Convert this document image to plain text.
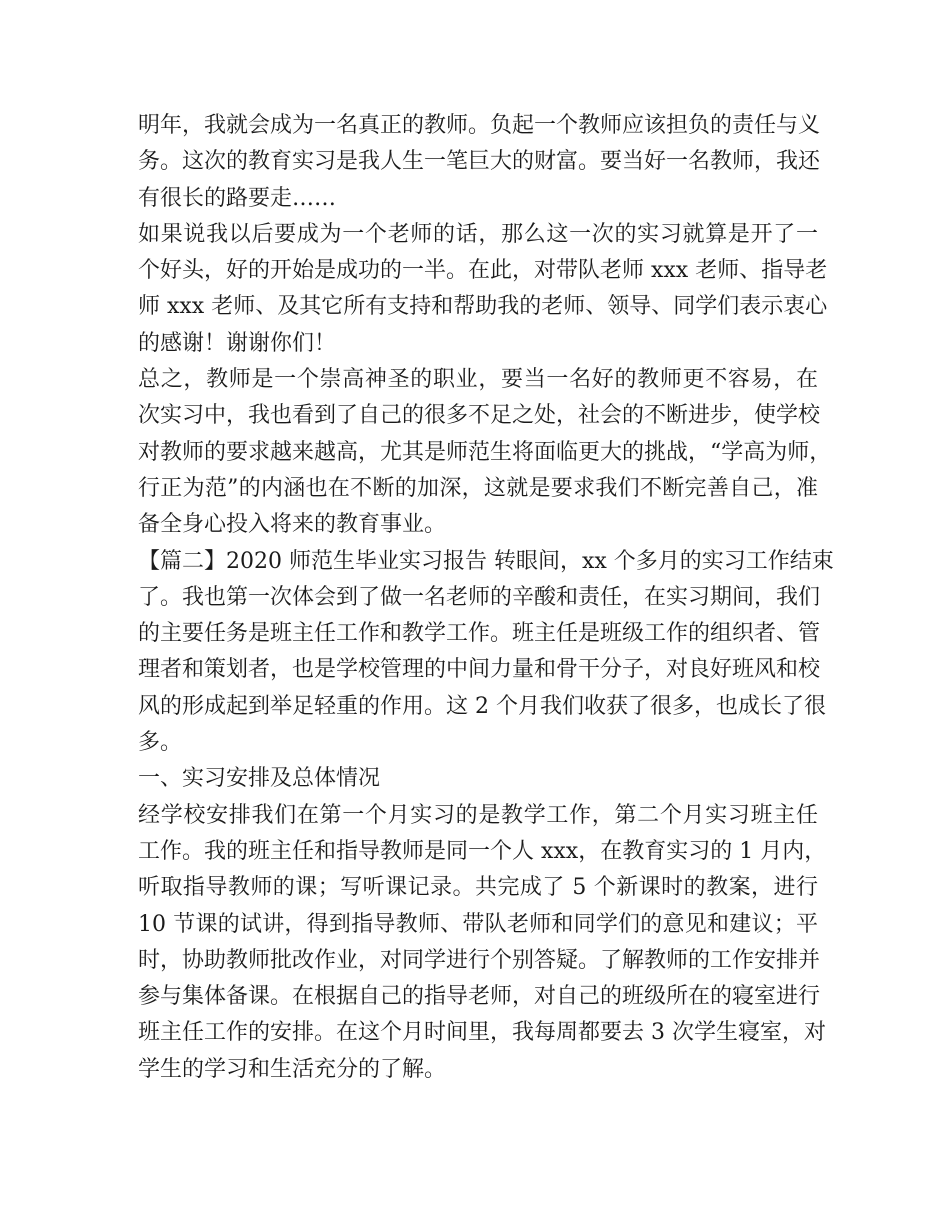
明年，我就会成为一名真正的教师。负起一个教师应该担负的责任与义
务。这次的教育实习是我人生一笔巨大的财富。要当好一名教师，我还
有很长的路要走……
如果说我以后要成为一个老师的话，那么这一次的实习就算是开了一
个好头，好的开始是成功的一半。在此，对带队老师 xxx 老师、指导老
师 xxx 老师、及其它所有支持和帮助我的老师、领导、同学们表示衷心
的感谢！谢谢你们！
总之，教师是一个崇高神圣的职业，要当一名好的教师更不容易，在
次实习中，我也看到了自己的很多不足之处，社会的不断进步，使学校
对教师的要求越来越高，尤其是师范生将面临更大的挑战，“学高为师，
行正为范”的内涵也在不断的加深，这就是要求我们不断完善自己，准
备全身心投入将来的教育事业。
【篇二】2020 师范生毕业实习报告 转眼间，xx 个多月的实习工作结束
了。我也第一次体会到了做一名老师的辛酸和责任，在实习期间，我们
的主要任务是班主任工作和教学工作。班主任是班级工作的组织者、管
理者和策划者，也是学校管理的中间力量和骨干分子，对良好班风和校
风的形成起到举足轻重的作用。这 2 个月我们收获了很多，也成长了很
多。
一、实习安排及总体情况
经学校安排我们在第一个月实习的是教学工作，第二个月实习班主任
工作。我的班主任和指导教师是同一个人 xxx，在教育实习的 1 月内，
听取指导教师的课；写听课记录。共完成了 5 个新课时的教案，进行
10 节课的试讲，得到指导教师、带队老师和同学们的意见和建议；平
时，协助教师批改作业，对同学进行个别答疑。了解教师的工作安排并
参与集体备课。在根据自己的指导老师，对自己的班级所在的寝室进行
班主任工作的安排。在这个月时间里，我每周都要去 3 次学生寝室，对
学生的学习和生活充分的了解。
